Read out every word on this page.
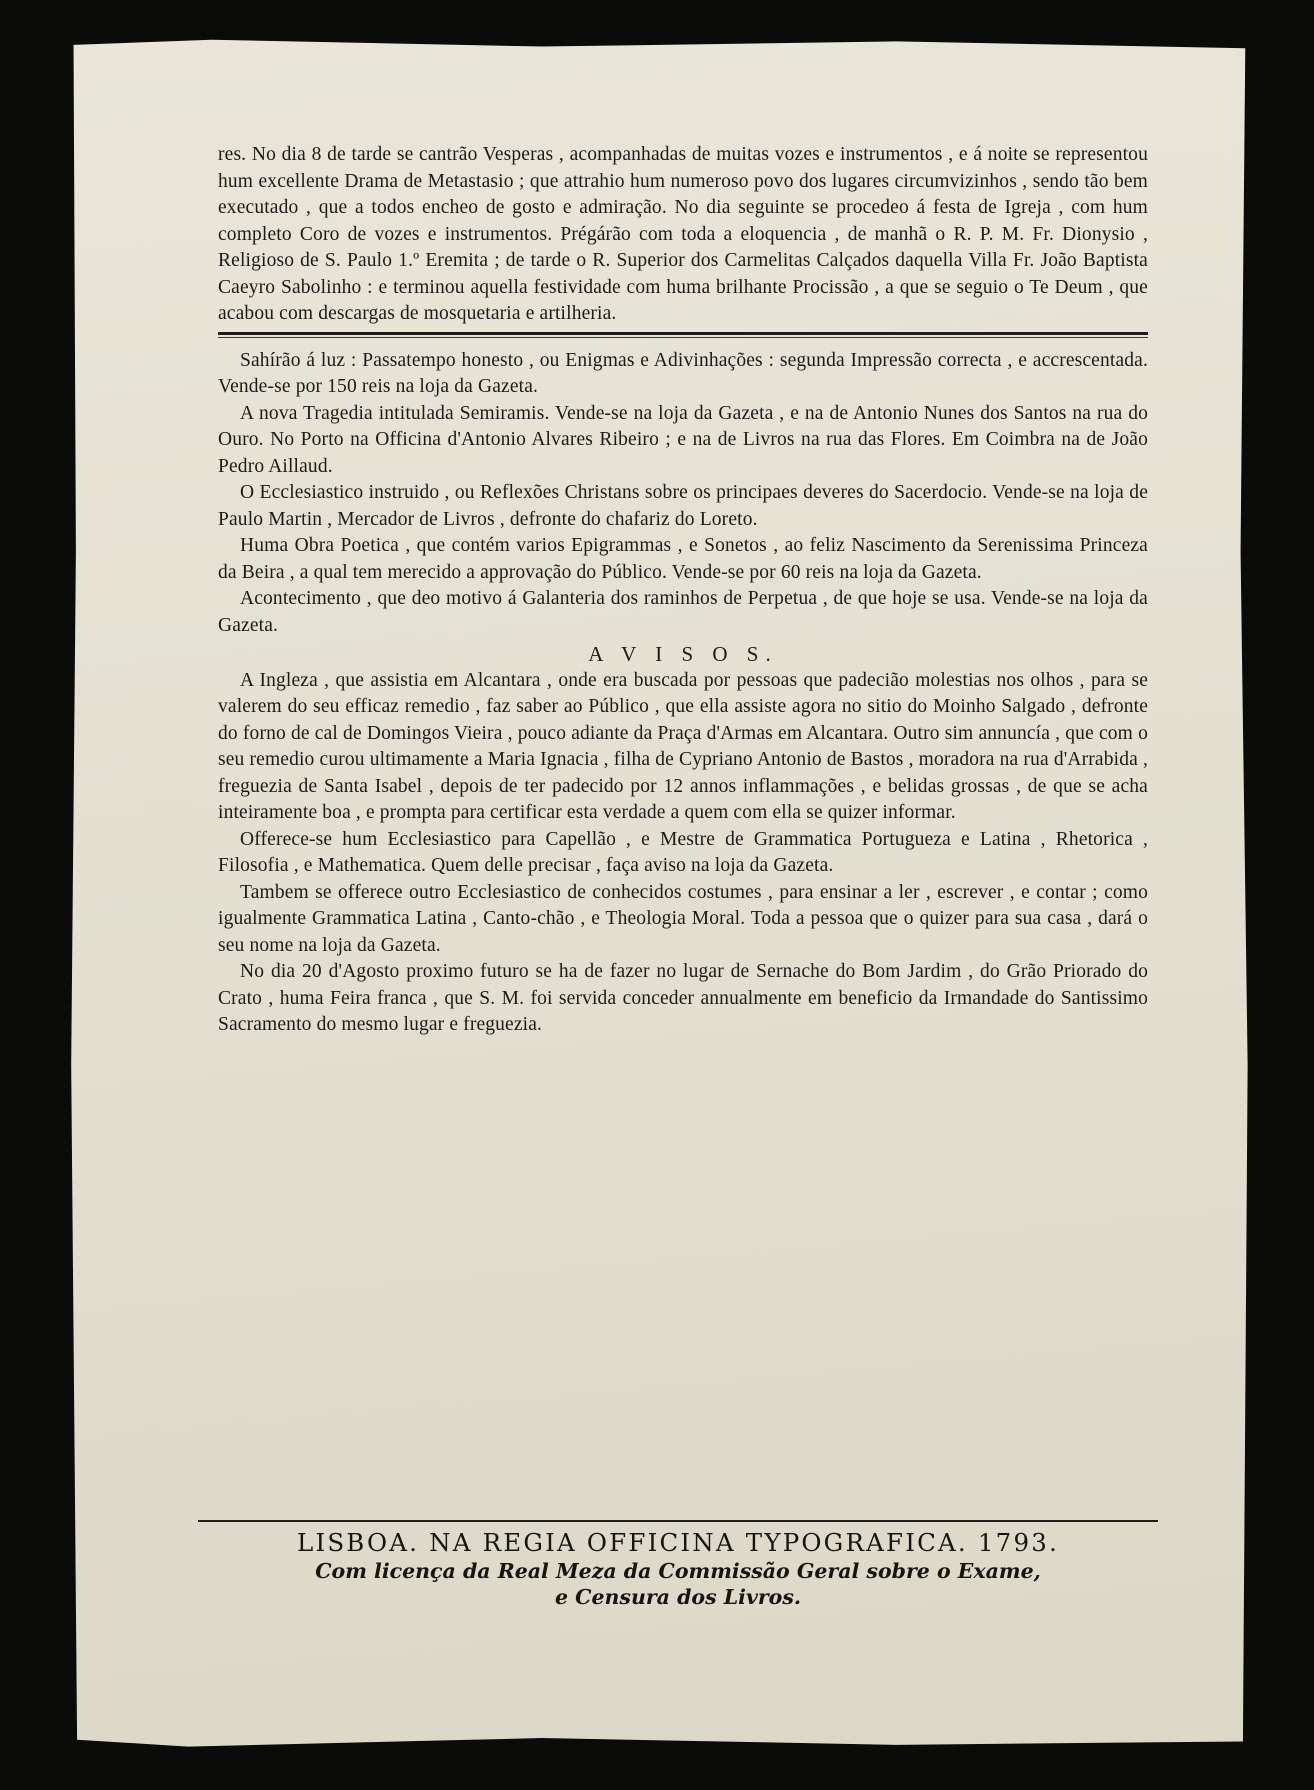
res. No dia 8 de tarde se cantrão Vesperas , acompanhadas de muitas vozes e instrumentos , e á noite se representou hum excellente Drama de Metastasio ; que attrahio hum numeroso povo dos lugares circumvizinhos , sendo tão bem executado , que a todos encheo de gosto e admiração. No dia seguinte se procedeo á festa de Igreja , com hum completo Coro de vozes e instrumentos. Prégárão com toda a eloquencia , de manhã o R. P. M. Fr. Dionysio , Religioso de S. Paulo 1.º Eremita ; de tarde o R. Superior dos Carmelitas Calçados daquella Villa Fr. João Baptista Caeyro Sabolinho : e terminou aquella festividade com huma brilhante Procissão , a que se seguio o Te Deum , que acabou com descargas de mosquetaria e artilheria.

Sahírão á luz : Passatempo honesto , ou Enigmas e Adivinhações : segunda Impressão correcta , e accrescentada. Vende-se por 150 reis na loja da Gazeta.

A nova Tragedia intitulada Semiramis. Vende-se na loja da Gazeta , e na de Antonio Nunes dos Santos na rua do Ouro. No Porto na Officina d'Antonio Alvares Ribeiro ; e na de Livros na rua das Flores. Em Coimbra na de João Pedro Aillaud.

O Ecclesiastico instruido , ou Reflexões Christans sobre os principaes deveres do Sacerdocio. Vende-se na loja de Paulo Martin , Mercador de Livros , defronte do chafariz do Loreto.

Huma Obra Poetica , que contém varios Epigrammas , e Sonetos , ao feliz Nascimento da Serenissima Princeza da Beira , a qual tem merecido a approvação do Público. Vende-se por 60 reis na loja da Gazeta.

Acontecimento , que deo motivo á Galanteria dos raminhos de Perpetua , de que hoje se usa. Vende-se na loja da Gazeta.

A V I S O S.

A Ingleza , que assistia em Alcantara , onde era buscada por pessoas que padecião molestias nos olhos , para se valerem do seu efficaz remedio , faz saber ao Público , que ella assiste agora no sitio do Moinho Salgado , defronte do forno de cal de Domingos Vieira , pouco adiante da Praça d'Armas em Alcantara. Outro sim annuncía , que com o seu remedio curou ultimamente a Maria Ignacia , filha de Cypriano Antonio de Bastos , moradora na rua d'Arrabida , freguezia de Santa Isabel , depois de ter padecido por 12 annos inflammações , e belidas grossas , de que se acha inteiramente boa , e prompta para certificar esta verdade a quem com ella se quizer informar.

Offerece-se hum Ecclesiastico para Capellão , e Mestre de Grammatica Portugueza e Latina , Rhetorica , Filosofia , e Mathematica. Quem delle precisar , faça aviso na loja da Gazeta.

Tambem se offerece outro Ecclesiastico de conhecidos costumes , para ensinar a ler , escrever , e contar ; como igualmente Grammatica Latina , Canto-chão , e Theologia Moral. Toda a pessoa que o quizer para sua casa , dará o seu nome na loja da Gazeta.

No dia 20 d'Agosto proximo futuro se ha de fazer no lugar de Sernache do Bom Jardim , do Grão Priorado do Crato , huma Feira franca , que S. M. foi servida conceder annualmente em beneficio da Irmandade do Santissimo Sacramento do mesmo lugar e freguezia.

LISBOA. NA REGIA OFFICINA TYPOGRAFICA. 1793.
Com licença da Real Meza da Commissão Geral sobre o Exame,
e Censura dos Livros.
